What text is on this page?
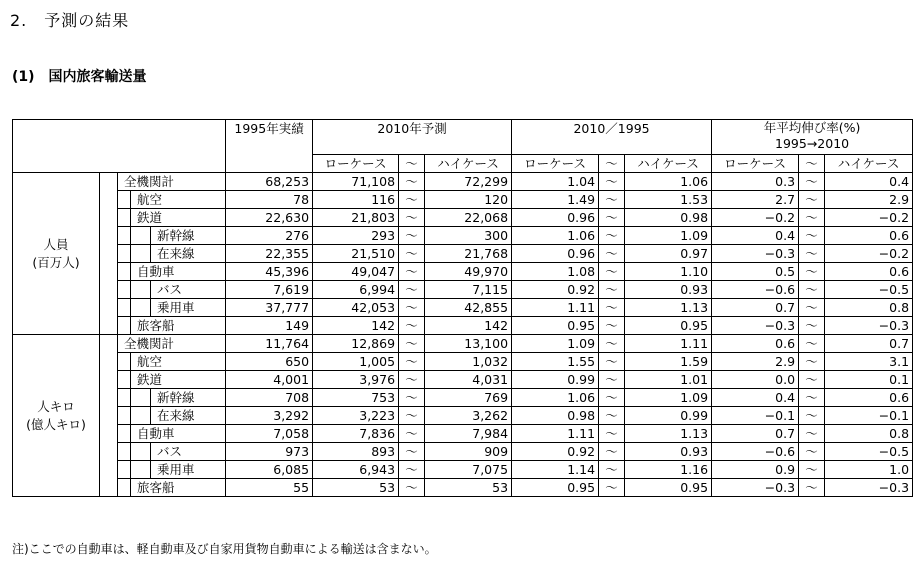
2.　予測の結果
(1)　国内旅客輸送量
					1995年実績	2010年予測			2010／1995			年平均伸び率(%)
1995→2010		
						ローケース	〜	ハイケース	ローケース	〜	ハイケース	ローケース	〜	ハイケース
人員
(百万人)		全機関計			68,253	71,108	〜	72,299	1.04	〜	1.06	0.3	〜	0.4
			航空		78	116	〜	120	1.49	〜	1.53	2.7	〜	2.9
			鉄道		22,630	21,803	〜	22,068	0.96	〜	0.98	−0.2	〜	−0.2
				新幹線	276	293	〜	300	1.06	〜	1.09	0.4	〜	0.6
				在来線	22,355	21,510	〜	21,768	0.96	〜	0.97	−0.3	〜	−0.2
			自動車		45,396	49,047	〜	49,970	1.08	〜	1.10	0.5	〜	0.6
				バス	7,619	6,994	〜	7,115	0.92	〜	0.93	−0.6	〜	−0.5
				乗用車	37,777	42,053	〜	42,855	1.11	〜	1.13	0.7	〜	0.8
			旅客船		149	142	〜	142	0.95	〜	0.95	−0.3	〜	−0.3
人キロ
(億人キロ)		全機関計			11,764	12,869	〜	13,100	1.09	〜	1.11	0.6	〜	0.7
			航空		650	1,005	〜	1,032	1.55	〜	1.59	2.9	〜	3.1
			鉄道		4,001	3,976	〜	4,031	0.99	〜	1.01	0.0	〜	0.1
				新幹線	708	753	〜	769	1.06	〜	1.09	0.4	〜	0.6
				在来線	3,292	3,223	〜	3,262	0.98	〜	0.99	−0.1	〜	−0.1
			自動車		7,058	7,836	〜	7,984	1.11	〜	1.13	0.7	〜	0.8
				バス	973	893	〜	909	0.92	〜	0.93	−0.6	〜	−0.5
				乗用車	6,085	6,943	〜	7,075	1.14	〜	1.16	0.9	〜	1.0
			旅客船		55	53	〜	53	0.95	〜	0.95	−0.3	〜	−0.3
注)ここでの自動車は、軽自動車及び自家用貨物自動車による輸送は含まない。
